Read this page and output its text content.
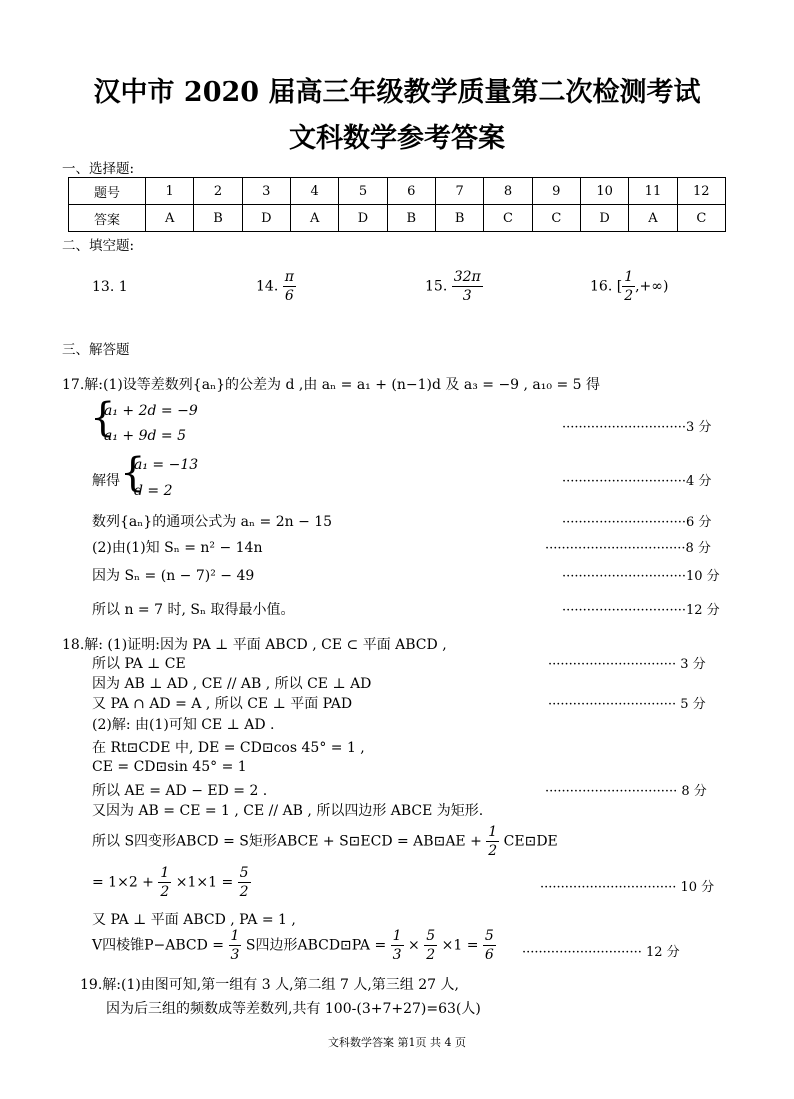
汉中市 2020 届高三年级教学质量第二次检测考试
文科数学参考答案
一、选择题:
题号	1	2	3	4	5	6	7	8	9	10	11	12
答案	A	B	D	A	D	B	B	C	C	D	A	C
二、填空题:
13. 1	14. $\frac{\pi}{6}$	15. $\frac{32\pi}{3}$	16. [ $\frac{1}{2}$ ,+∞)
三、解答题
17.解:(1)设等差数列{aₙ}的公差为 d ,由 aₙ = a₁ + (n−1)d 及 a₃ = −9 , a₁₀ = 5 得
{
a₁ + 2d = −9
a₁ + 9d = 5
······························3 分
解得 {
a₁ = −13
d = 2
······························4 分
数列{aₙ}的通项公式为 aₙ = 2n − 15	······························6 分
(2)由(1)知 Sₙ = n² − 14n	··································8 分
因为 Sₙ = (n − 7)² − 49	······························10 分
所以 n = 7 时, Sₙ 取得最小值。	······························12 分
18.解: (1)证明:因为 PA ⊥ 平面 ABCD , CE ⊂ 平面 ABCD ,
所以 PA ⊥ CE	······························· 3 分
因为 AB ⊥ AD , CE // AB , 所以 CE ⊥ AD
又 PA ∩ AD = A , 所以 CE ⊥ 平面 PAD	······························· 5 分
(2)解: 由(1)可知 CE ⊥ AD .
在 Rt⊡CDE 中, DE = CD⊡cos 45° = 1 ,
CE = CD⊡sin 45° = 1
所以 AE = AD − ED = 2 .	································ 8 分
又因为 AB = CE = 1 , CE // AB , 所以四边形 ABCE 为矩形.
所以 S四变形ABCD = S矩形ABCE + S⊡ECD = AB⊡AE + $\frac{1}{2}$ CE⊡DE
= $1\times 2 + \frac{1}{2} \times 1\times 1 = \frac{5}{2}$	································· 10 分
又 PA ⊥ 平面 ABCD , PA = 1 ,
V四棱锥P−ABCD = $\frac{1}{3}$ S四边形ABCD⊡PA = $\frac{1}{3} \times \frac{5}{2} \times 1 = \frac{5}{6}$ ····························· 12 分
19.解:(1)由图可知,第一组有 3 人,第二组 7 人,第三组 27 人,
因为后三组的频数成等差数列,共有 100-(3+7+27)=63(人)
文科数学答案 第1页 共 4 页
